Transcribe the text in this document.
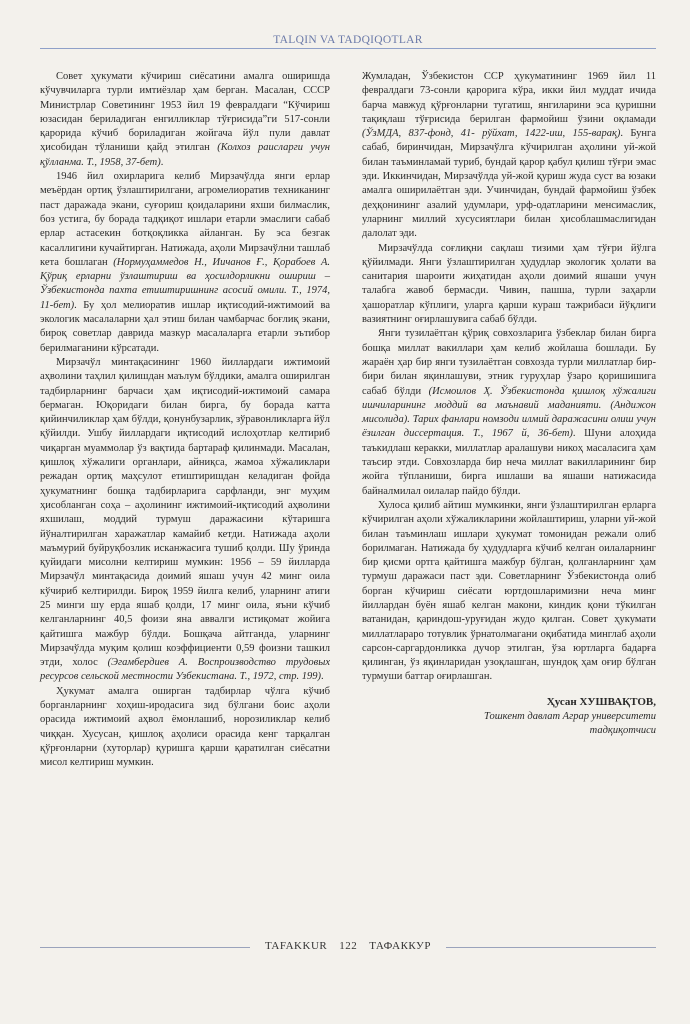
TALQIN VA TADQIQOTLAR

Совет ҳукумати кўчириш сиёсатини амалга оширишда кўчувчиларга турли имтиёзлар ҳам берган. Масалан, СССР Министрлар Советининг 1953 йил 19 февралдаги “Кўчириш юзасидан бериладиган енгилликлар тўғрисида”ги 517-сонли қарорида кўчиб бориладиган жойгача йўл пули давлат ҳисобидан тўланиши қайд этилган (Колхоз раисларги учун қўлланма. Т., 1958, 37-бет).

1946 йил охирларига келиб Мирзачўлда янги ерлар меъёрдан ортиқ ўзлаштирилгани, агромелиоратив техниканинг паст даражада экани, суғориш қоидаларини яхши билмаслик, боз устига, бу борада тадқиқот ишлари етарли эмаслиги сабаб ерлар астасекин ботқоқликка айланган. Бу эса безгак касаллигини кучайтирган. Натижада, аҳоли Мирзачўлни ташлаб кета бошлаган (Нормуҳаммедов Н., Иичанов Ғ., Қорабоев А. Қўриқ ерларни ўзлаштириш ва ҳосилдорликни ошириш – Ўзбекистонда пахта етиштиришнинг асосий омили. Т., 1974, 11-бет). Бу ҳол мелиоратив ишлар иқтисодий-ижтимоий ва экологик масалаларни ҳал этиш билан чамбарчас боғлиқ экани, бироқ советлар даврида мазкур масалаларга етарли эътибор берилмаганини кўрсатади.

Мирзачўл минтақасининг 1960 йиллардаги ижтимоий аҳволини таҳлил қилишдан маълум бўлдики, амалга оширилган тадбирларнинг барчаси ҳам иқтисодий-ижтимоий самара бермаган. Юқоридаги билан бирга, бу борада катта қийинчиликлар ҳам бўлди, қонунбузарлик, зўравонликларга йўл қўйилди. Ушбу йиллардаги иқтисодий ислоҳотлар келтириб чиқарган муаммолар ўз вақтида бартараф қилинмади. Масалан, қишлоқ хўжалиги органлари, айниқса, жамоа хўжаликлари режадан ортиқ маҳсулот етиштиришдан келадиган фойда ҳукуматнинг бошқа тадбирларига сарфланди, энг муҳим ҳисобланган соҳа – аҳолининг ижтимоий-иқтисодий аҳволини яхшилаш, моддий турмуш даражасини кўтаришга йўналтирилган харажатлар камайиб кетди. Натижада аҳоли маъмурий буйруқбозлик исканжасига тушиб қолди. Шу ўринда қуйидаги мисолни келтириш мумкин: 1956 – 59 йилларда Мирзачўл минтақасида доимий яшаш учун 42 минг оила кўчириб келтирилди. Бироқ 1959 йилга келиб, уларнинг атиги 25 минги шу ерда яшаб қолди, 17 минг оила, яъни кўчиб келганларнинг 40,5 фоизи яна аввалги истиқомат жойига қайтишга мажбур бўлди. Бошқача айтганда, уларнинг Мирзачўлда муқим қолиш коэффициенти 0,59 фоизни ташкил этди, холос (Эгамбердиев А. Воспроизводство трудовых ресурсов сельской местности Узбекистана. Т., 1972, стр. 199).

Ҳукумат амалга оширган тадбирлар чўлга кўчиб борганларнинг хоҳиш-иродасига зид бўлгани боис аҳоли орасида ижтимоий аҳвол ёмонлашиб, норозиликлар келиб чиққан. Хусусан, қишлоқ аҳолиси орасида кенг тарқалган қўрғонларни (хуторлар) қуришга қарши қаратилган сиёсатни мисол келтириш мумкин.

Жумладан, Ўзбекистон ССР ҳукуматининг 1969 йил 11 февралдаги 73-сонли қарорига кўра, икки йил муддат ичида барча мавжуд қўрғонларни тугатиш, янгиларини эса қуришни тақиқлаш тўғрисида берилган фармойиш ўзини оқламади (ЎзМДА, 837-фонд, 41- рўйхат, 1422-иш, 155-варақ). Бунга сабаб, биринчидан, Мирзачўлга кўчирилган аҳолини уй-жой билан таъминламай туриб, бундай қарор қабул қилиш тўғри эмас эди. Иккинчидан, Мирзачўлда уй-жой қуриш жуда суст ва юзаки амалга оширилаётган эди. Учинчидан, бундай фармойиш ўзбек деҳқонининг азалий удумлари, урф-одатларини менсимаслик, уларнинг миллий хусусиятлари билан ҳисоблашмаслигидан далолат эди.

Мирзачўлда соғлиқни сақлаш тизими ҳам тўғри йўлга қўйилмади. Янги ўзлаштирилган ҳудудлар экологик ҳолати ва санитария шароити жиҳатидан аҳоли доимий яшаши учун талабга жавоб бермасди. Чивин, пашша, турли заҳарли ҳашоратлар кўплиги, уларга қарши кураш тажрибаси йўқлиги вазиятнинг оғирлашувига сабаб бўлди.

Янги тузилаётган қўриқ совхозларига ўзбеклар билан бирга бошқа миллат вакиллари ҳам келиб жойлаша бошлади. Бу жараён ҳар бир янги тузилаётган совхозда турли миллатлар бир-бири билан яқинлашуви, этник гуруҳлар ўзаро қоришишига сабаб бўлди (Исмоилов Ҳ. Ўзбекистонда қишлоқ хўжалиги ишчиларининг моддий ва маънавий маданияти. (Андижон мисолида). Тарих фанлари номзоди илмий даражасини олиш учун ёзилган диссертация. Т., 1967 й, 36-бет). Шуни алоҳида таъкидлаш керакки, миллатлар аралашуви никоҳ масаласига ҳам таъсир этди. Совхозларда бир неча миллат вакилларининг бир жойга тўпланиши, бирга ишлаши ва яшаши натижасида байналмилал оилалар пайдо бўлди.

Хулоса қилиб айтиш мумкинки, янги ўзлаштирилган ерларга кўчирилган аҳоли хўжаликларини жойлаштириш, уларни уй-жой билан таъминлаш ишлари ҳукумат томонидан режали олиб борилмаган. Натижада бу ҳудудларга кўчиб келган оилаларнинг бир қисми ортга қайтишга мажбур бўлган, қолганларнинг ҳам турмуш даражаси паст эди. Советларнинг Ўзбекистонда олиб борган кўчириш сиёсати юртдошларимизни неча минг йиллардан буён яшаб келган макони, киндик қони тўкилган ватанидан, қариндош-уруғидан жудо қилган. Совет ҳукумати миллатлараро тотувлик ўрнатолмагани оқибатида минглаб аҳоли сарсон-саргардонликка дучор этилган, ўза юртларга бадарға қилинган, ўз яқинларидан узоқлашган, шундоқ ҳам оғир бўлган турмуши баттар оғирлашган.

Ҳусан ХУШВАҚТОВ,
Тошкент давлат Аграр университети
тадқиқотчиси
TAFAKKUR 122 ТАФАККУР
